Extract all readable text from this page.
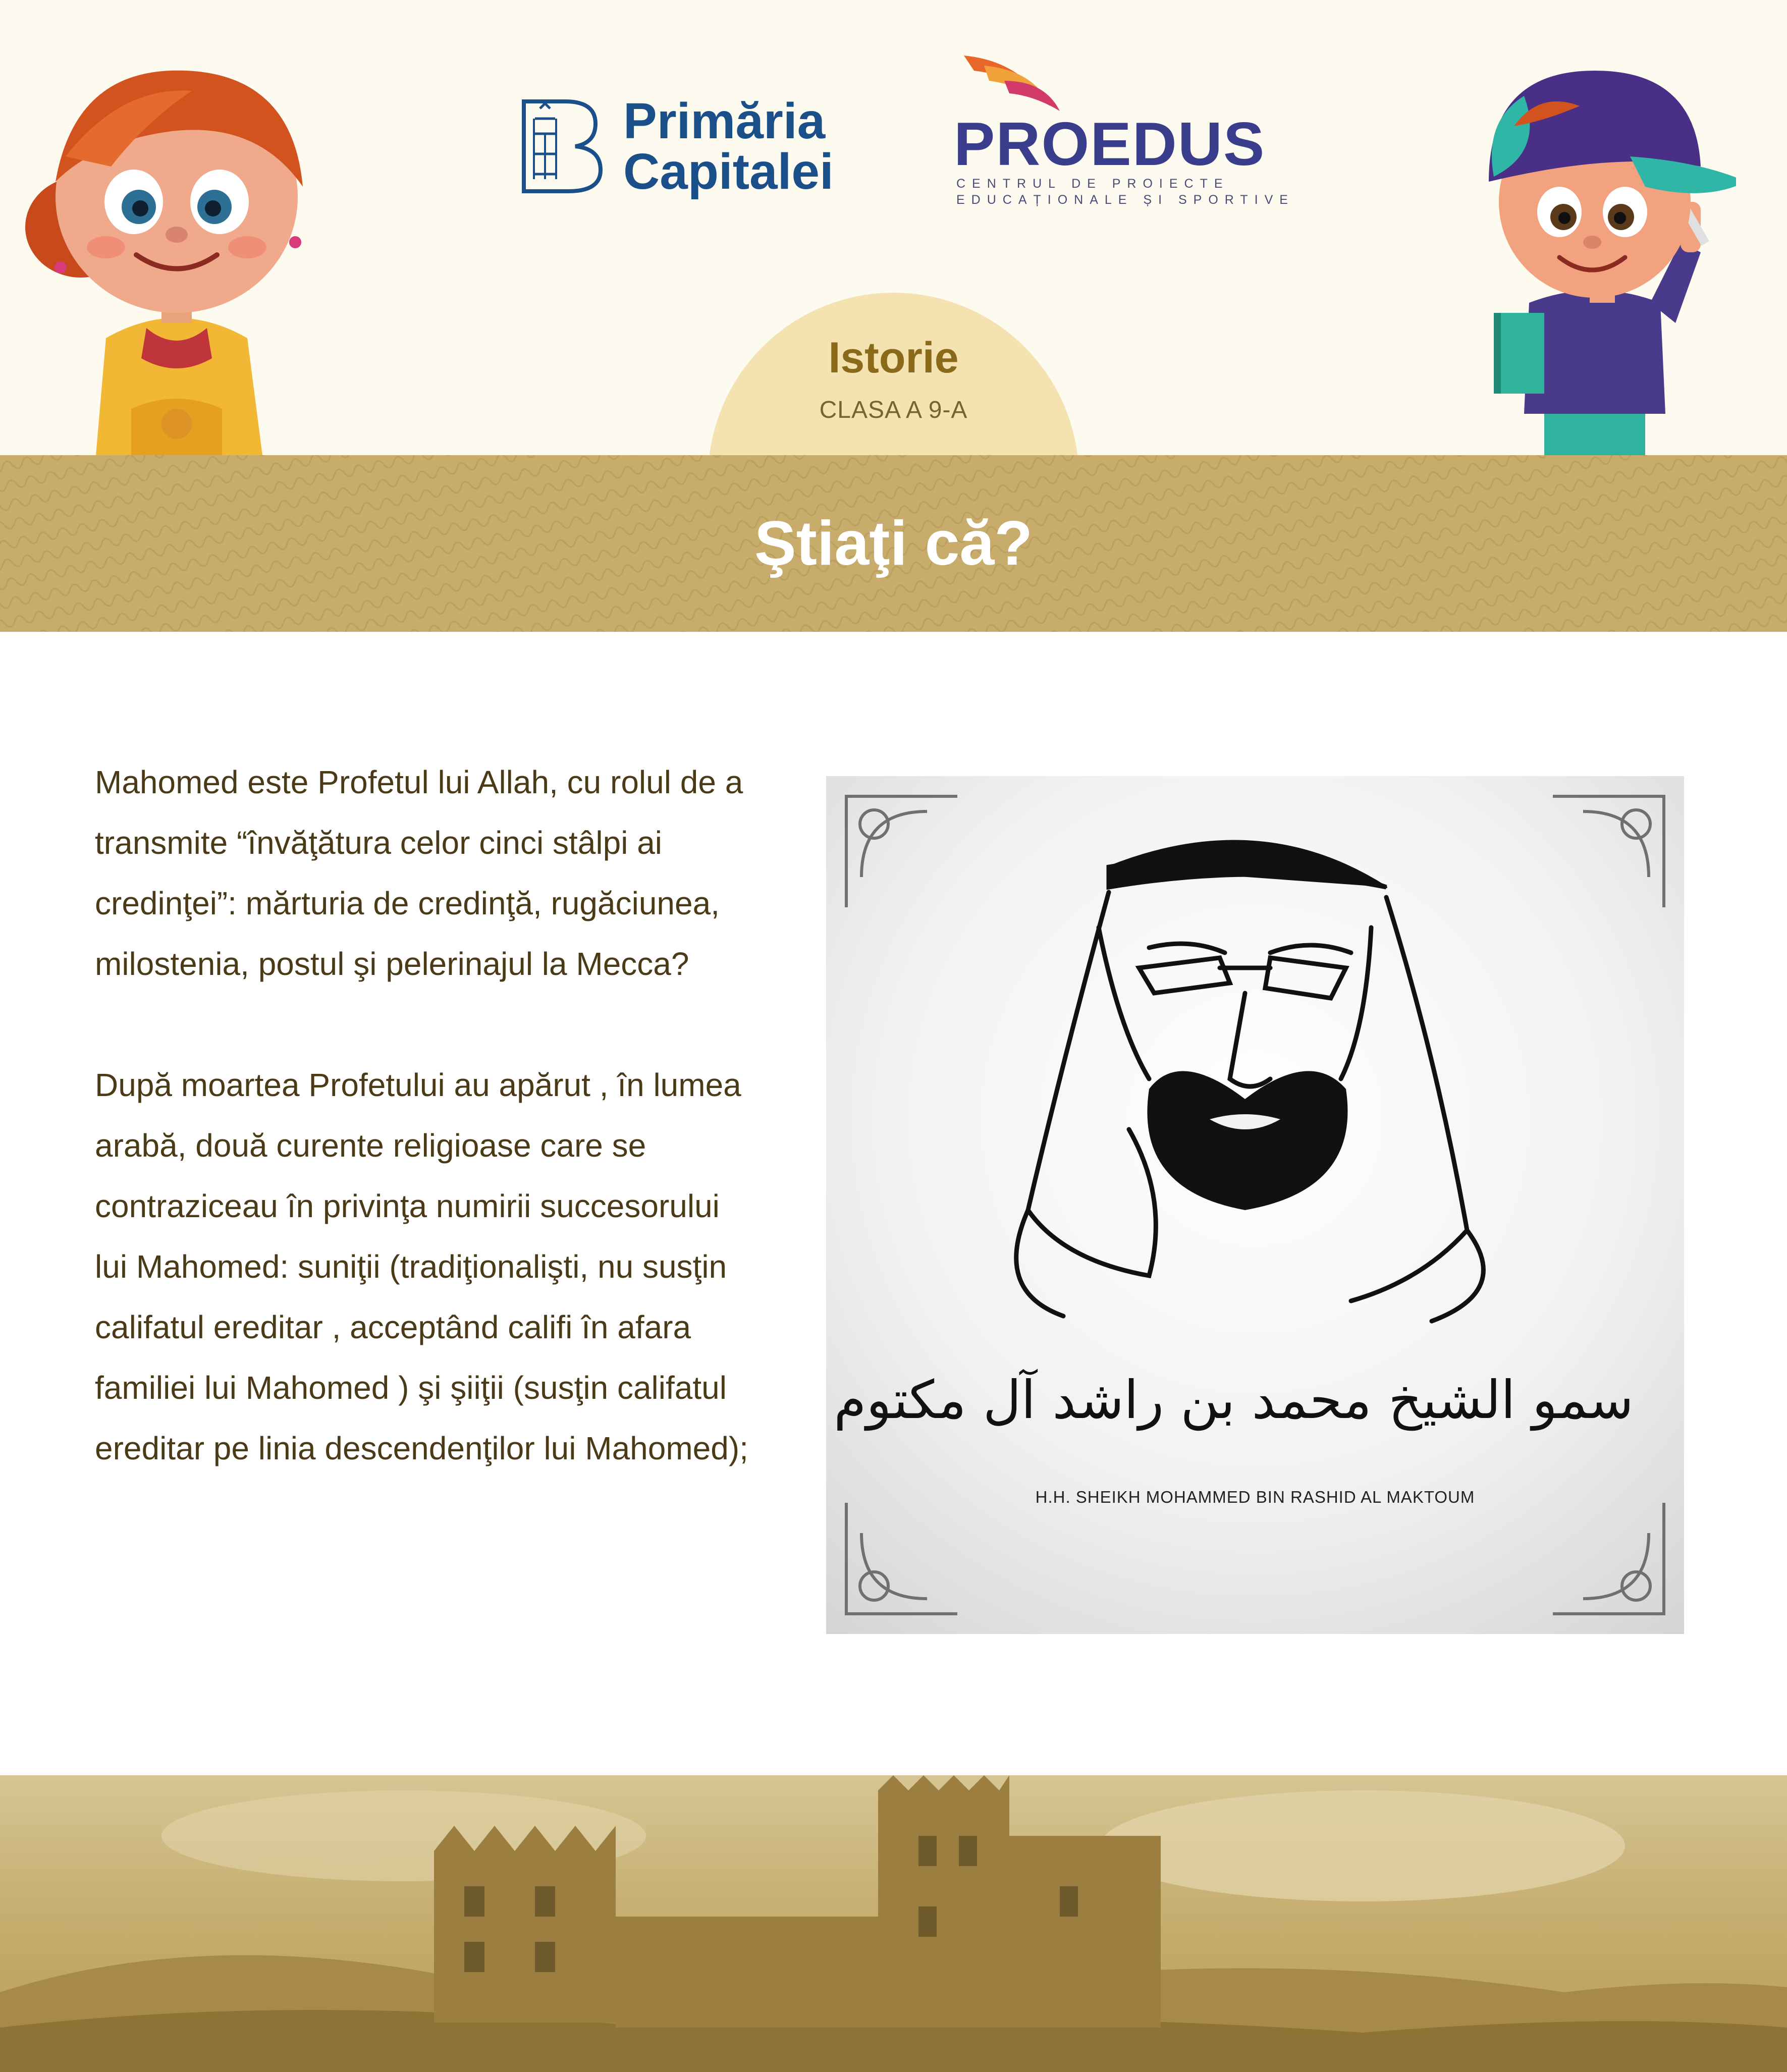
Primăria
Capitalei PROEDUS
CENTRUL DE PROIECTE
EDUCAȚIONALE ȘI SPORTIVE
Istorie
CLASA A 9-A
Ştiaţi că?

Mahomed este Profetul lui Allah, cu rolul de a transmite “învăţătura celor cinci stâlpi ai credinţei”: mărturia de credinţă, rugăciunea, milostenia, postul şi pelerinajul la Mecca?

După moartea Profetului au apărut , în lumea arabă, două curente religioase care se contraziceau în privinţa numirii succesorului lui Mahomed: suniţii (tradiţionalişti, nu susţin califatul ereditar , acceptând califi în afara familiei lui Mahomed ) şi şiiţii (susţin califatul ereditar pe linia descendenţilor lui Mahomed);

سمو الشيخ محمد بن راشد آل مكتوم
H.H. SHEIKH MOHAMMED BIN RASHID AL MAKTOUM
